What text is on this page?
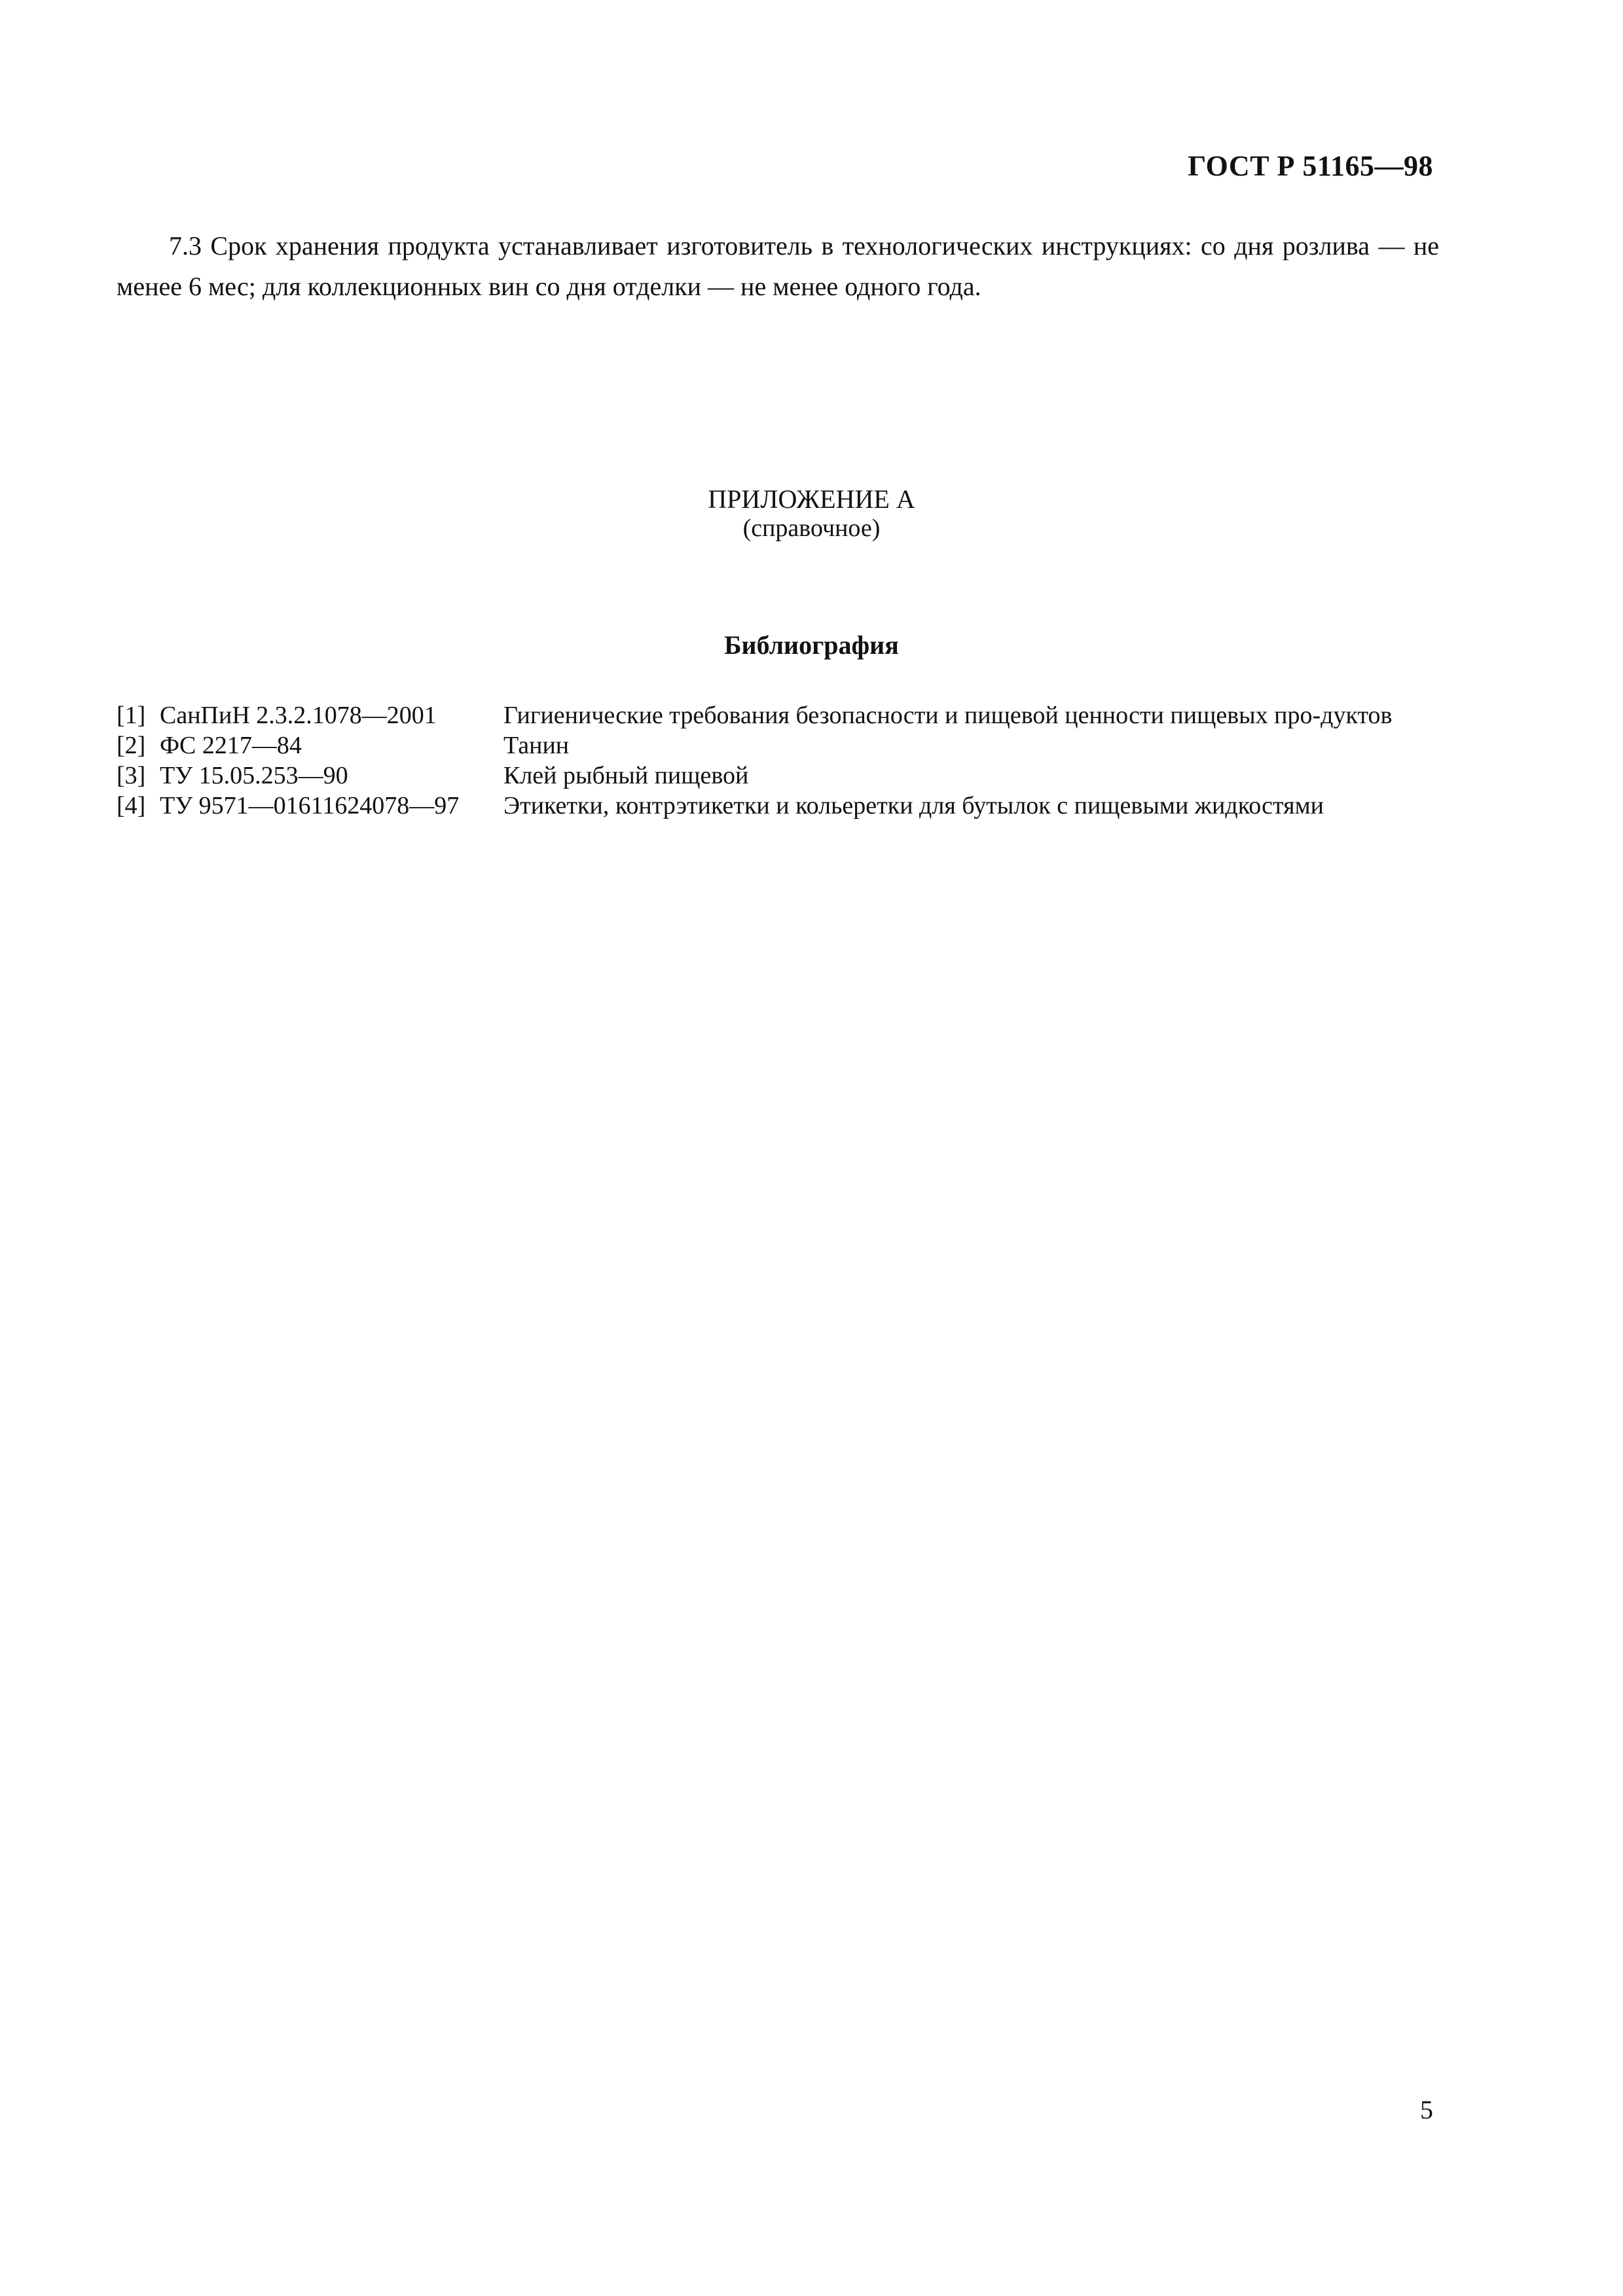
ГОСТ Р 51165—98

7.3 Срок хранения продукта устанавливает изготовитель в технологических инструкциях: со дня розлива — не менее 6 мес; для коллекционных вин со дня отделки — не менее одного года.

ПРИЛОЖЕНИЕ А
(справочное)
Библиография
[1] СанПиН 2.3.2.1078—2001	Гигиенические требования безопасности и пищевой ценности пищевых про-дуктов
[2] ФС 2217—84	Танин
[3] ТУ 15.05.253—90	Клей рыбный пищевой
[4] ТУ 9571—01611624078—97	Этикетки, контрэтикетки и кольеретки для бутылок с пищевыми жидкостями
5
